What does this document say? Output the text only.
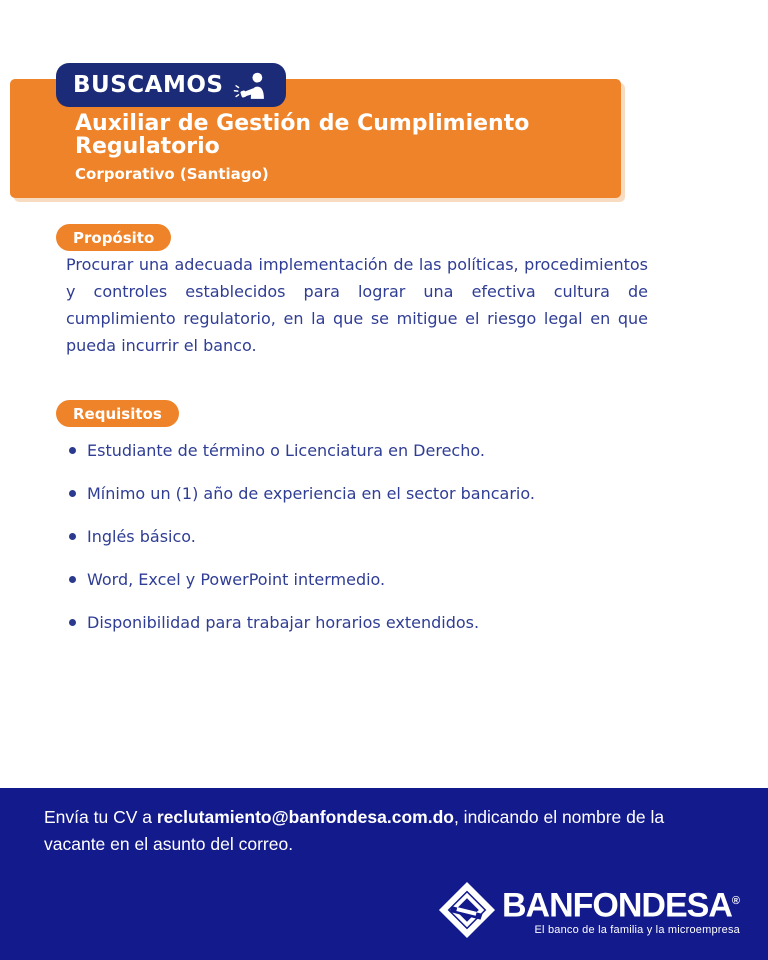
BUSCAMOS
Auxiliar de Gestión de Cumplimiento Regulatorio
Corporativo (Santiago)
Propósito

Procurar una adecuada implementación de las políticas, procedimientos y controles establecidos para lograr una efectiva cultura de cumplimiento regulatorio, en la que se mitigue el riesgo legal en que pueda incurrir el banco.

Requisitos
Estudiante de término o Licenciatura en Derecho.
Mínimo un (1) año de experiencia en el sector bancario.
Inglés básico.
Word, Excel y PowerPoint intermedio.
Disponibilidad para trabajar horarios extendidos.

Envía tu CV a reclutamiento@banfondesa.com.do, indicando el nombre de la vacante en el asunto del correo.

BANFONDESA®
El banco de la familia y la microempresa
